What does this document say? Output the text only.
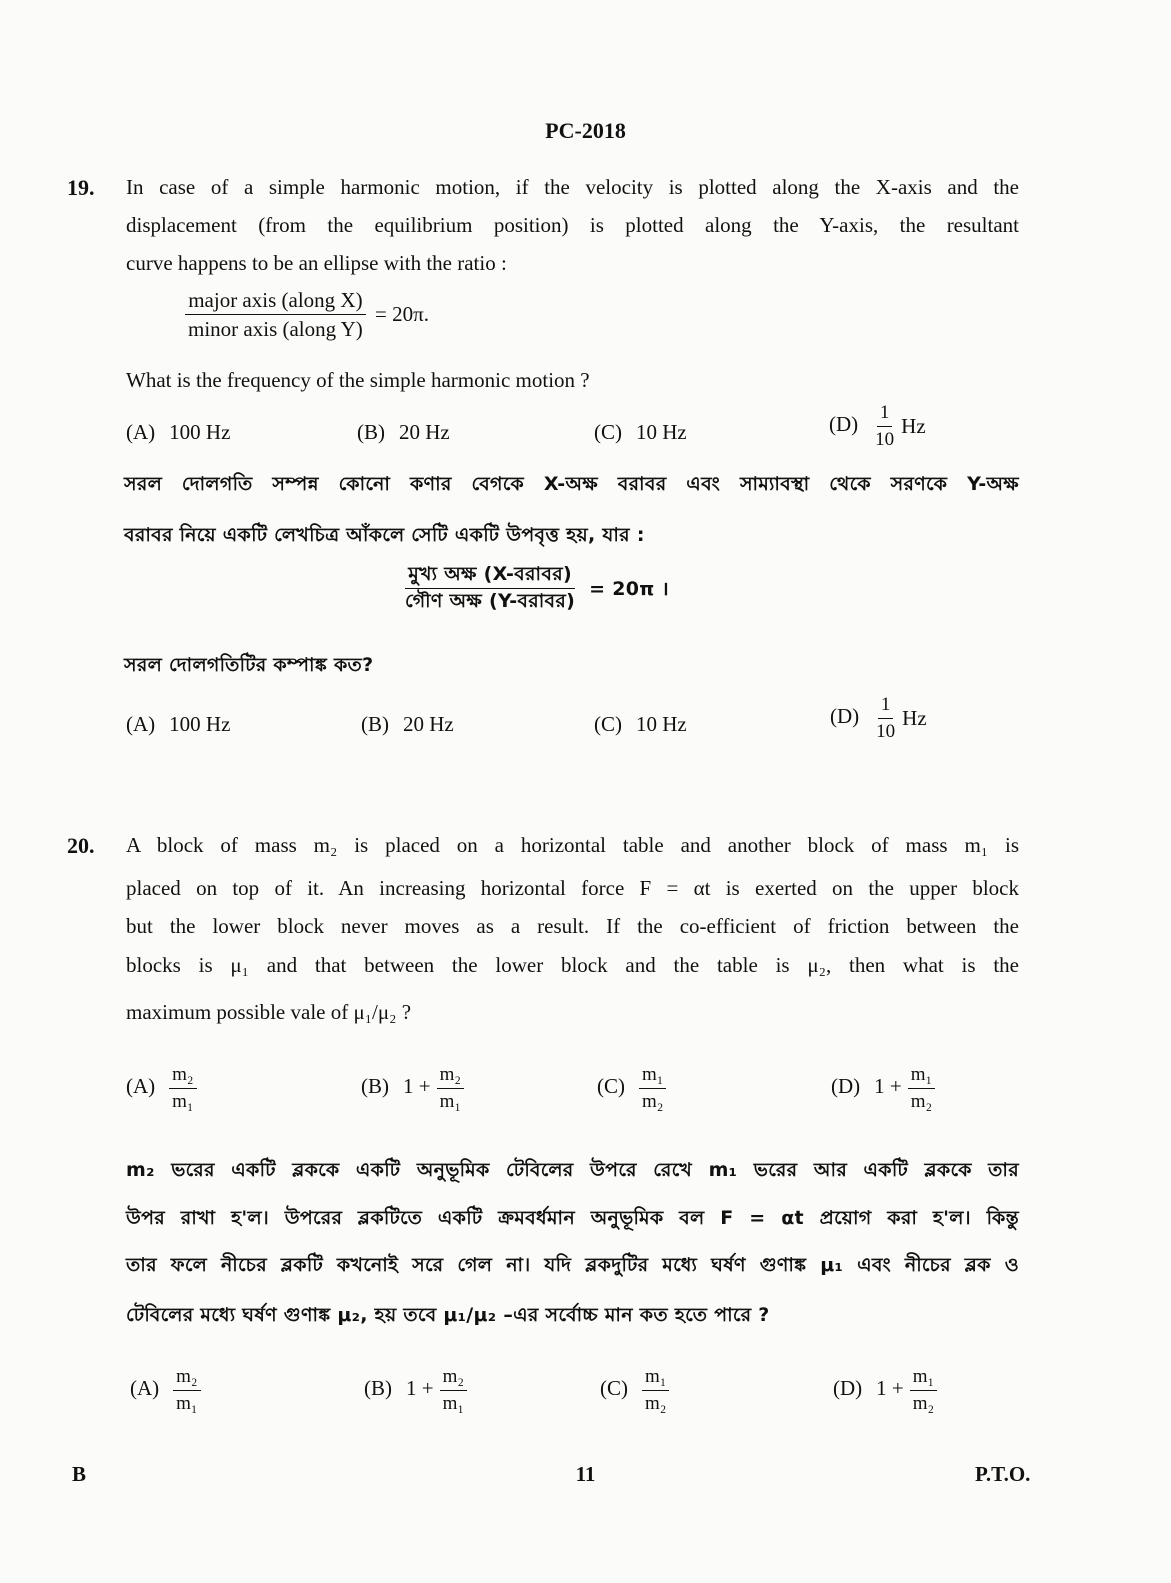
PC-2018
19. In case of a simple harmonic motion, if the velocity is plotted along the X-axis and the
displacement (from the equilibrium position) is plotted along the Y-axis, the resultant
curve happens to be an ellipse with the ratio :
$\frac{\text{major axis (along X)}}{\text{minor axis (along Y)}} = 20\pi$.
What is the frequency of the simple harmonic motion ?
(A) 100 Hz	(B) 20 Hz	(C) 10 Hz	$(D) \frac{1}{10}$ Hz
সরল দোলগতি সম্পন্ন কোনো কণার বেগকে X-অক্ষ বরাবর এবং সাম্যাবস্থা থেকে সরণকে Y-অক্ষ
বরাবর নিয়ে একটি লেখচিত্র আঁকলে সেটি একটি উপবৃত্ত হয়, যার :
$\frac{\text{মুখ্য অক্ষ (X-বরাবর)}}{\text{গৌণ অক্ষ (Y-বরাবর)}} = 20\pi$ ।
সরল দোলগতিটির কম্পাঙ্ক কত?
(A) 100 Hz	(B) 20 Hz	(C) 10 Hz	$(D) \frac{1}{10}$ Hz
20. A block of mass m₂ is placed on a horizontal table and another block of mass m₁ is
placed on top of it. An increasing horizontal force F = αt is exerted on the upper block
but the lower block never moves as a result. If the co-efficient of friction between the
blocks is μ₁ and that between the lower block and the table is μ₂, then what is the
maximum possible vale of μ₁/μ₂ ?
$(A) \frac{\text{m₂}}{\text{m₁}}$	(B) $1 + \frac{\text{m₂}}{\text{m₁}}$	$(C) \frac{\text{m₁}}{\text{m₂}}$	(D) $1 + \frac{\text{m₁}}{\text{m₂}}$
m₂ ভরের একটি ব্লককে একটি অনুভূমিক টেবিলের উপরে রেখে m₁ ভরের আর একটি ব্লককে তার
উপর রাখা হ'ল। উপরের ব্লকটিতে একটি ক্রমবর্ধমান অনুভূমিক বল F = αt প্রয়োগ করা হ'ল। কিন্তু
তার ফলে নীচের ব্লকটি কখনোই সরে গেল না। যদি ব্লকদুটির মধ্যে ঘর্ষণ গুণাঙ্ক μ₁ এবং নীচের ব্লক ও
টেবিলের মধ্যে ঘর্ষণ গুণাঙ্ক μ₂, হয় তবে μ₁/μ₂ –এর সর্বোচ্চ মান কত হতে পারে ?
$(A) \frac{\text{m₂}}{\text{m₁}}$	(B) $1 + \frac{\text{m₂}}{\text{m₁}}$	$(C) \frac{\text{m₁}}{\text{m₂}}$	(D) $1 + \frac{\text{m₁}}{\text{m₂}}$
B	11	P.T.O.
